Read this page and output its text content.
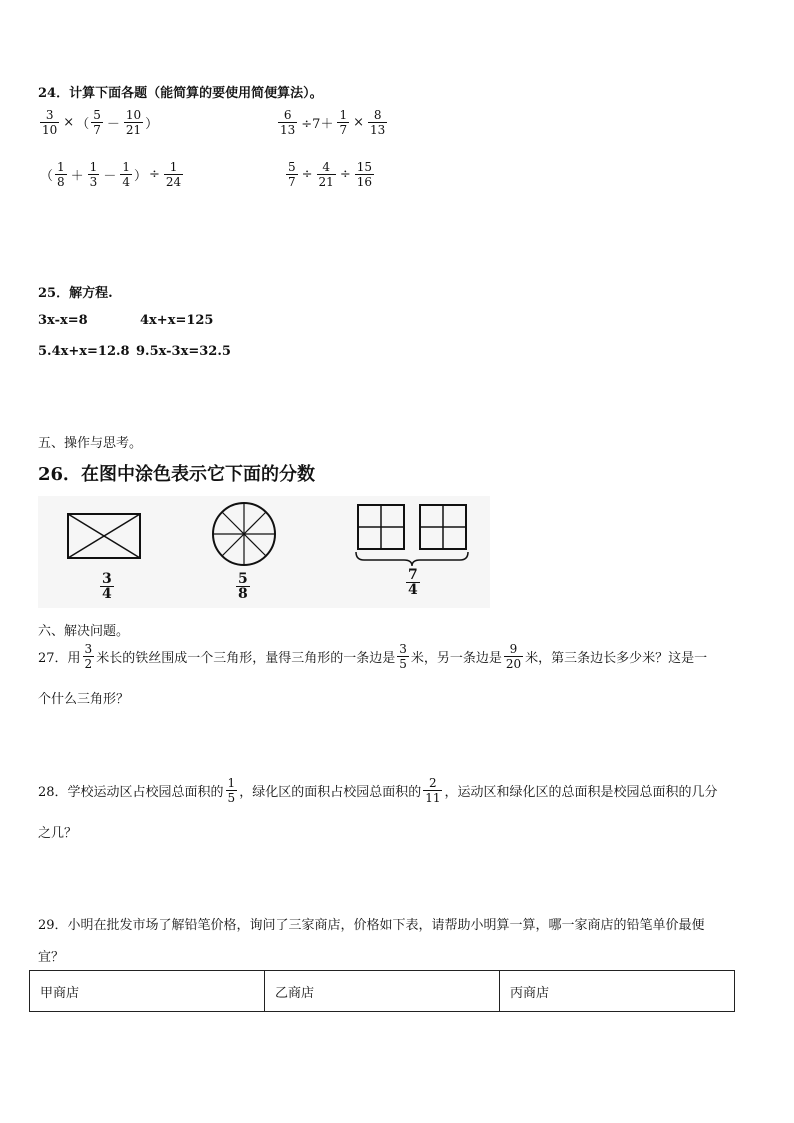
24．计算下面各题（能简算的要使用简便算法）。
$\frac{3}{10}$ × （ $\frac{5}{7} - \frac{10}{21}$ ）	$\frac{6}{13} \div 7+ \frac{1}{7} \times \frac{8}{13}$
（ $\frac{1}{8} + \frac{1}{3} - \frac{1}{4}$ ） ÷ $\frac{1}{24}$	$\frac{5}{7} \div \frac{4}{21} \div \frac{15}{16}$
25．解方程.
3x-x=8	4x+x=125
5.4x+x=12.8 9.5x-3x=32.5
五、操作与思考。
26．在图中涂色表示它下面的分数
$\frac{3}{4}$	$\frac{5}{8}$	$\frac{7}{4}$
六、解决问题。
27．用 $\frac{3}{2}$ 米长的铁丝围成一个三角形，量得三角形的一条边是 $\frac{3}{5}$ 米，另一条边是 $\frac{9}{20}$ 米，第三条边长多少米？这是一
个什么三角形？
28．学校运动区占校园总面积的 $\frac{1}{5}$ ，绿化区的面积占校园总面积的 $\frac{2}{11}$ ，运动区和绿化区的总面积是校园总面积的几分
之几？
29．小明在批发市场了解铅笔价格，询问了三家商店，价格如下表，请帮助小明算一算，哪一家商店的铅笔单价最便
宜？
甲商店	乙商店	丙商店
